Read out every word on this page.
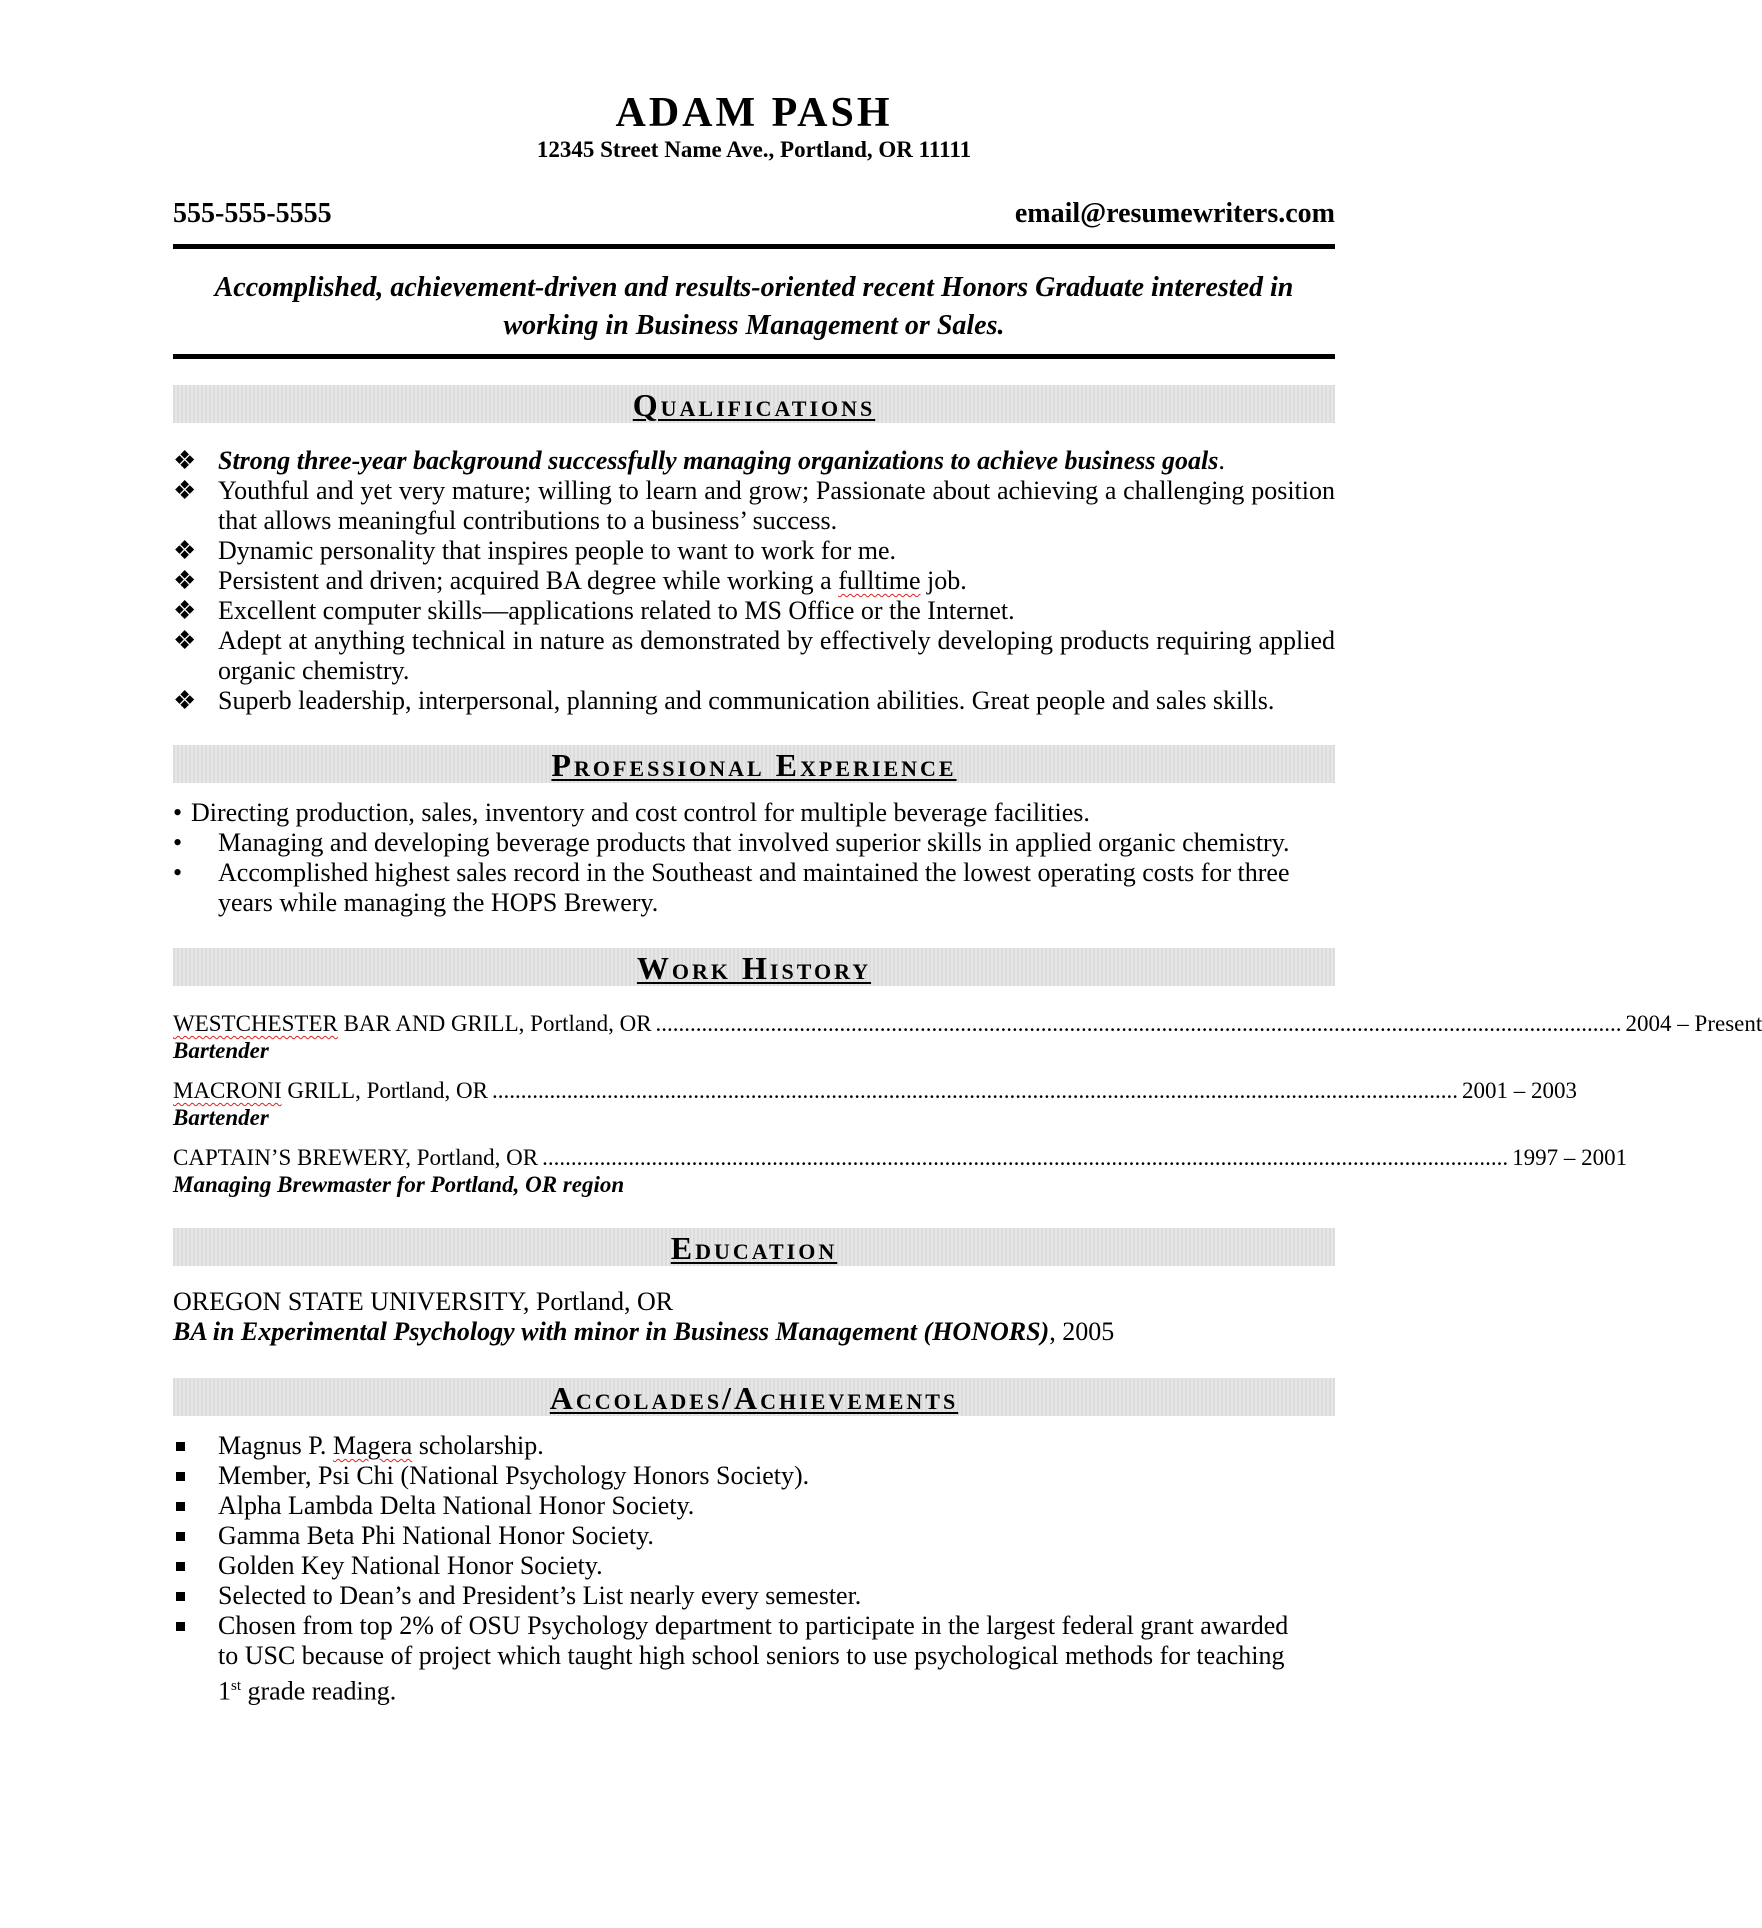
ADAM PASH
12345 Street Name Ave., Portland, OR 11111
555-555-5555	email@resumewriters.com
Accomplished, achievement-driven and results-oriented recent Honors Graduate interested in
working in Business Management or Sales.
Qualifications
❖ Strong three-year background successfully managing organizations to achieve business goals.
❖ Youthful and yet very mature; willing to learn and grow; Passionate about achieving a challenging position that allows meaningful contributions to a business’ success.
❖ Dynamic personality that inspires people to want to work for me.
❖ Persistent and driven; acquired BA degree while working a fulltime job.
❖ Excellent computer skills—applications related to MS Office or the Internet.
❖ Adept at anything technical in nature as demonstrated by effectively developing products requiring applied organic chemistry.
❖ Superb leadership, interpersonal, planning and communication abilities. Great people and sales skills.
Professional Experience
• Directing production, sales, inventory and cost control for multiple beverage facilities.
• Managing and developing beverage products that involved superior skills in applied organic chemistry.
• Accomplished highest sales record in the Southeast and maintained the lowest operating costs for three years while managing the HOPS Brewery.
Work History
WESTCHESTER BAR AND GRILL, Portland, OR ........................................................................................................................................................................ 2004 – Present
Bartender
MACRONI GRILL, Portland, OR ........................................................................................................................................................................ 2001 – 2003
Bartender
CAPTAIN’S BREWERY, Portland, OR ........................................................................................................................................................................ 1997 – 2001
Managing Brewmaster for Portland, OR region
Education
OREGON STATE UNIVERSITY, Portland, OR
BA in Experimental Psychology with minor in Business Management (HONORS), 2005
Accolades/Achievements
Magnus P. Magera scholarship.
Member, Psi Chi (National Psychology Honors Society).
Alpha Lambda Delta National Honor Society.
Gamma Beta Phi National Honor Society.
Golden Key National Honor Society.
Selected to Dean’s and President’s List nearly every semester.
Chosen from top 2% of OSU Psychology department to participate in the largest federal grant awarded to USC because of project which taught high school seniors to use psychological methods for teaching 1st grade reading.
